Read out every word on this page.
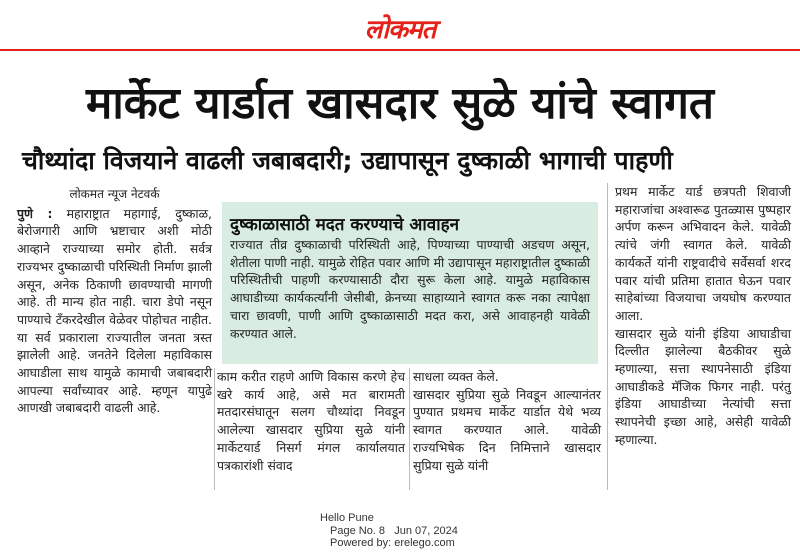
लोकमत
मार्केट यार्डात खासदार सुळे यांचे स्वागत
चौथ्यांदा विजयाने वाढली जबाबदारी; उद्यापासून दुष्काळी भागाची पाहणी
लोकमत न्यूज नेटवर्क
पुणे : महाराष्ट्रात महागाई, दुष्काळ, बेरोजगारी आणि भ्रष्टाचार अशी मोठी आव्हाने राज्याच्या समोर होती. सर्वत्र राज्यभर दुष्काळाची परिस्थिती निर्माण झाली असून, अनेक ठिकाणी छावण्याची मागणी आहे. ती मान्य होत नाही. चारा डेपो नसून पाण्याचे टँकरदेखील वेळेवर पोहोचत नाहीत. या सर्व प्रकाराला राज्यातील जनता त्रस्त झालेली आहे. जनतेने दिलेला महाविकास आघाडीला साथ यामुळे कामाची जबाबदारी आपल्या सर्वांच्यावर आहे. म्हणून यापुढे आणखी जबाबदारी वाढली आहे.
दुष्काळासाठी मदत करण्याचे आवाहन
राज्यात तीव्र दुष्काळाची परिस्थिती आहे, पिण्याच्या पाण्याची अडचण असून, शेतीला पाणी नाही. यामुळे रोहित पवार आणि मी उद्यापासून महाराष्ट्रातील दुष्काळी परिस्थितीची पाहणी करण्यासाठी दौरा सुरू केला आहे. यामुळे महाविकास आघाडीच्या कार्यकर्त्यांनी जेसीबी, क्रेनच्या साहाय्याने स्वागत करू नका त्यापेक्षा चारा छावणी, पाणी आणि दुष्काळासाठी मदत करा, असे आवाहनही यावेळी करण्यात आले.
काम करीत राहणे आणि विकास करणे हेच खरे कार्य आहे, असे मत बारामती मतदारसंघातून सलग चौथ्यांदा निवडून आलेल्या खासदार सुप्रिया सुळे यांनी मार्केटयार्ड निसर्ग मंगल कार्यालयात पत्रकारांशी संवाद
साधला व्यक्त केले.
खासदार सुप्रिया सुळे निवडून आल्यानंतर पुण्यात प्रथमच मार्केट यार्डात येथे भव्य स्वागत करण्यात आले. यावेळी राज्यभिषेक दिन निमित्ताने खासदार सुप्रिया सुळे यांनी
प्रथम मार्केट यार्ड छत्रपती शिवाजी महाराजांचा अश्वारूढ पुतळ्यास पुष्पहार अर्पण करून अभिवादन केले. यावेळी त्यांचे जंगी स्वागत केले. यावेळी कार्यकर्ते यांनी राष्ट्रवादीचे सर्वेसर्वा शरद पवार यांची प्रतिमा हातात घेऊन पवार साहेबांच्या विजयाचा जयघोष करण्यात आला.
खासदार सुळे यांनी इंडिया आघाडीचा दिल्लीत झालेल्या बैठकीवर सुळे म्हणाल्या, सत्ता स्थापनेसाठी इंडिया आघाडीकडे मॅजिक फिगर नाही. परंतु इंडिया आघाडीच्या नेत्यांची सत्ता स्थापनेची इच्छा आहे, असेही यावेळी म्हणाल्या.
Hello Pune
Page No. 8   Jun 07, 2024
Powered by: erelego.com
